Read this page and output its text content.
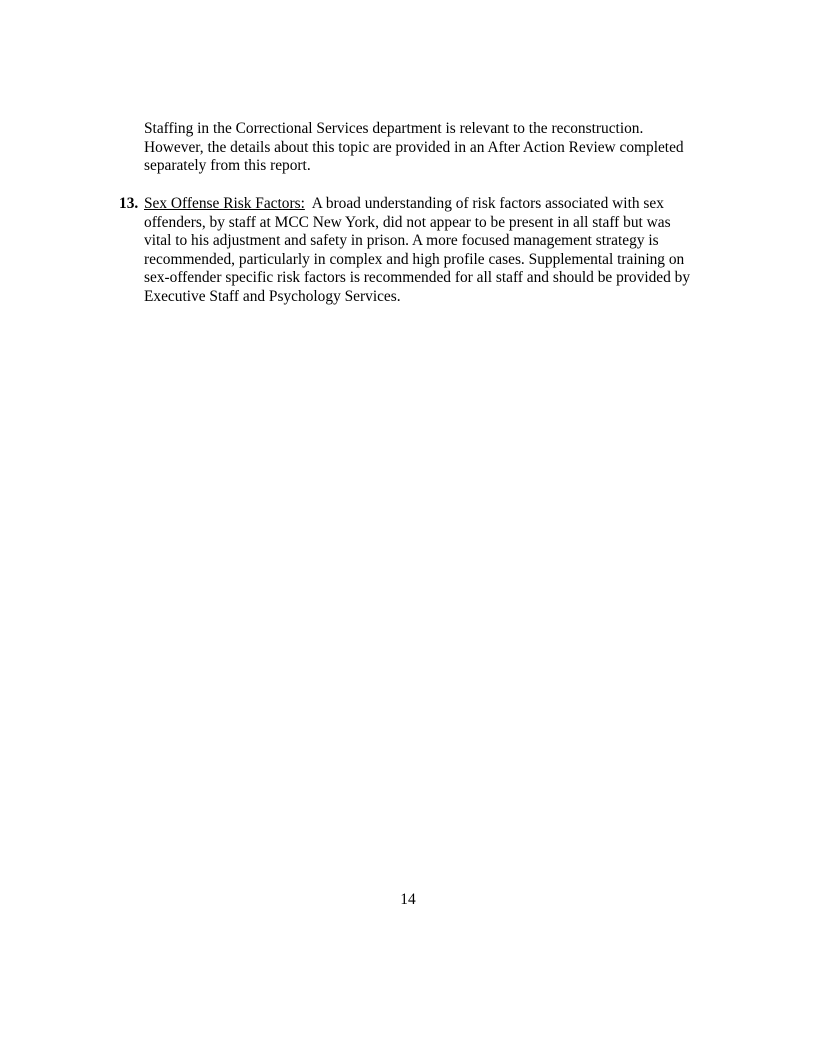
Staffing in the Correctional Services department is relevant to the reconstruction.
However, the details about this topic are provided in an After Action Review completed
separately from this report.
13. Sex Offense Risk Factors:  A broad understanding of risk factors associated with sex
offenders, by staff at MCC New York, did not appear to be present in all staff but was
vital to his adjustment and safety in prison. A more focused management strategy is
recommended, particularly in complex and high profile cases. Supplemental training on
sex-offender specific risk factors is recommended for all staff and should be provided by
Executive Staff and Psychology Services.
14
